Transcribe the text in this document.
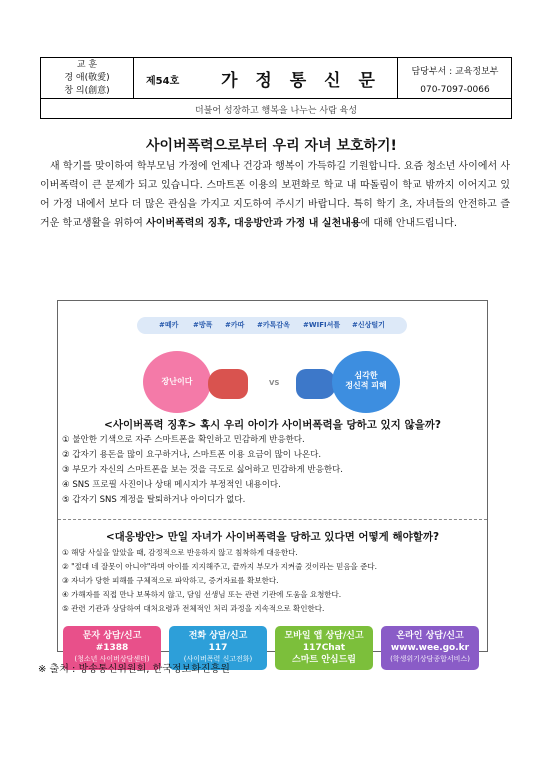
교 훈
경 애(敬愛)
창 의(創意)
제54호	가 정 통 신 문	담당부서 : 교육정보부
070-7097-0066
더불어 성장하고 행복을 나누는 사람 육성
사이버폭력으로부터 우리 자녀 보호하기!
새 학기를 맞이하여 학부모님 가정에 언제나 건강과 행복이 가득하길 기원합니다. 요즘 청소년 사이에서 사이버폭력이 큰 문제가 되고 있습니다. 스마트폰 이용의 보편화로 학교 내 따돌림이 학교 밖까지 이어지고 있어 가정 내에서 보다 더 많은 관심을 가지고 지도하여 주시기 바랍니다. 특히 학기 초, 자녀들의 안전하고 즐거운 학교생활을 위하여 사이버폭력의 징후, 대응방안과 가정 내 실천내용에 대해 안내드립니다.
#떼카 #방폭 #카따 #카톡감옥 #WIFI셔틀 #신상털기
장난이다	VS
심각한
정신적 피해
<사이버폭력 징후> 혹시 우리 아이가 사이버폭력을 당하고 있지 않을까?
① 불안한 기색으로 자주 스마트폰을 확인하고 민감하게 반응한다.
② 갑자기 용돈을 많이 요구하거나, 스마트폰 이용 요금이 많이 나온다.
③ 부모가 자신의 스마트폰을 보는 것을 극도로 싫어하고 민감하게 반응한다.
④ SNS 프로필 사진이나 상태 메시지가 부정적인 내용이다.
⑤ 갑자기 SNS 계정을 탈퇴하거나 아이디가 없다.
<대응방안> 만일 자녀가 사이버폭력을 당하고 있다면 어떻게 해야할까?
① 해당 사실을 알았을 때, 감정적으로 반응하지 않고 침착하게 대응한다.
② "절대 네 잘못이 아니야"라며 아이를 지지해주고, 끝까지 부모가 지켜줄 것이라는 믿음을 준다.
③ 자녀가 당한 피해를 구체적으로 파악하고, 증거자료를 확보한다.
④ 가해자를 직접 만나 보복하지 않고, 담임 선생님 또는 관련 기관에 도움을 요청한다.
⑤ 관련 기관과 상담하여 대처요령과 전체적인 처리 과정을 지속적으로 확인한다.
문자 상담/신고
#1388
(청소년 사이버상담센터)
전화 상담/신고
117
(사이버폭력 신고전화)
모바일 앱 상담/신고
117Chat
스마트 안심드림
온라인 상담/신고
www.wee.go.kr
(학생위기상담종합서비스)
※ 출처 : 방송통신위원회, 한국정보화진흥원
